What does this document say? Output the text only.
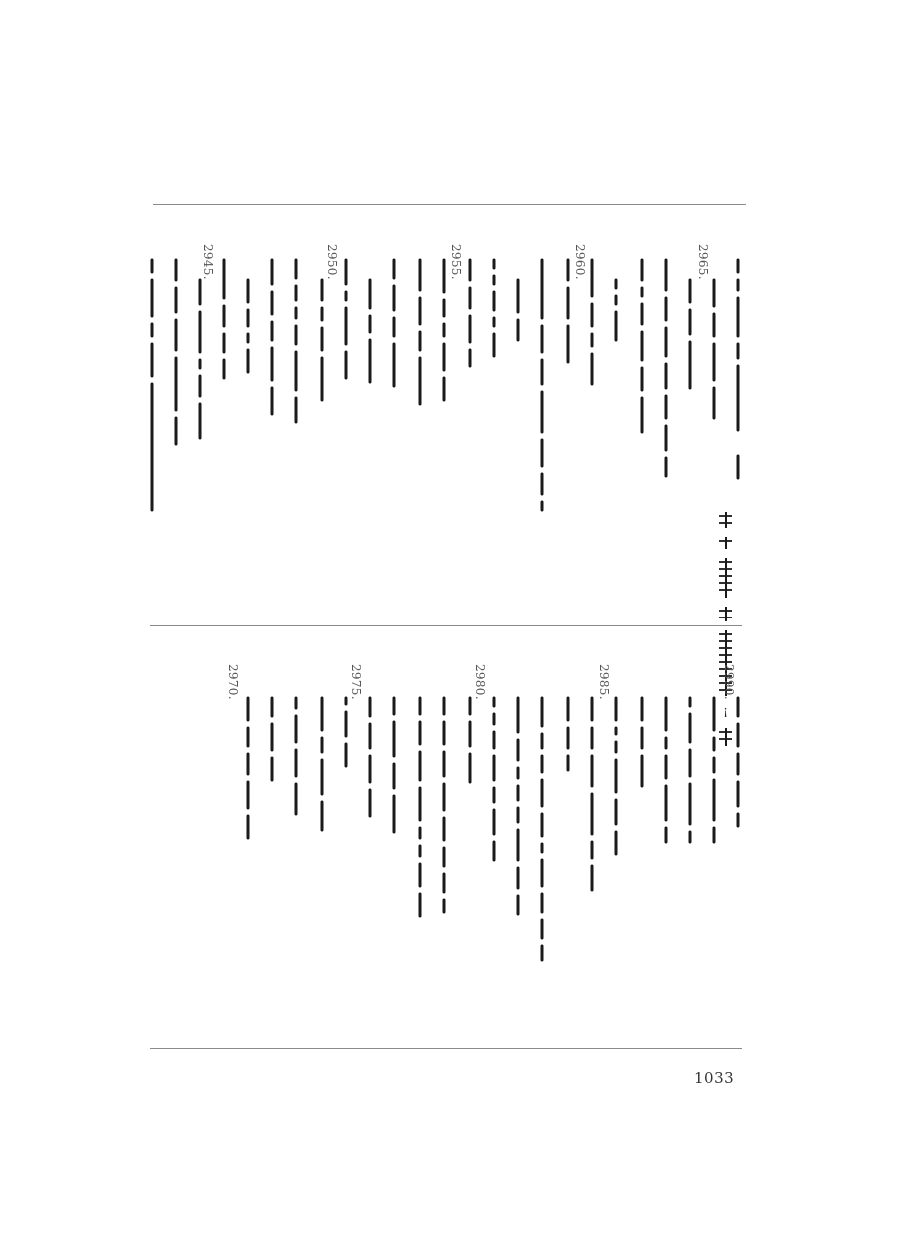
2965.
2960.
2955.
2950.
2945.
!
2990.
2985.
2980.
2975.
2970.
1033
